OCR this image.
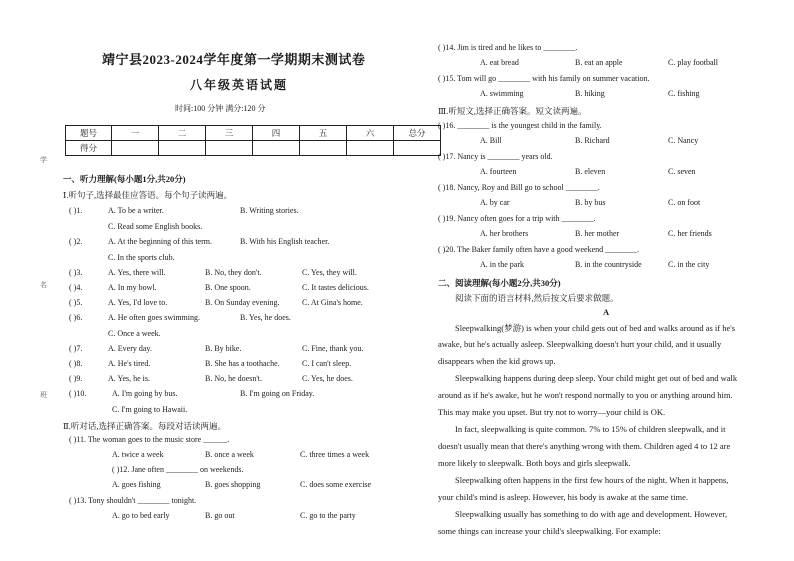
学
名
班
靖宁县2023-2024学年度第一学期期末测试卷
八年级英语试题
时间:100 分钟 满分:120 分
题号	一	二	三	四	五	六	总分
得分							
一、听力理解(每小题1分,共20分)
Ⅰ.听句子,选择最佳应答语。每个句子读两遍。
( )1.	A. To be a writer.	B. Writing stories.
C. Read some English books.
( )2.	A. At the beginning of this term.	B. With his English teacher.
C. In the sports club.
( )3.	A. Yes, there will.	B. No, they don't.	C. Yes, they will.
( )4.	A. In my bowl.	B. One spoon.	C. It tastes delicious.
( )5.	A. Yes, I'd love to.	B. On Sunday evening.	C. At Gina's home.
( )6.	A. He often goes swimming.	B. Yes, he does.
C. Once a week.
( )7.	A. Every day.	B. By bike.	C. Fine, thank you.
( )8.	A. He's tired.	B. She has a toothache.	C. I can't sleep.
( )9.	A. Yes, he is.	B. No, he doesn't.	C. Yes, he does.
( )10.	A. I'm going by bus.	B. I'm going on Friday.
C. I'm going to Hawaii.
Ⅱ.听对话,选择正确答案。每段对话读两遍。
( )11. The woman goes to the music store ______.
A. twice a week	B. once a week	C. three times a week
( )12. Jane often ________ on weekends.
A. goes fishing	B. goes shopping	C. does some exercise
( )13. Tony shouldn't ________ tonight.
A. go to bed early	B. go out	C. go to the party
( )14. Jim is tired and he likes to ________.
A. eat bread	B. eat an apple	C. play football
( )15. Tom will go ________ with his family on summer vacation.
A. swimming	B. hiking	C. fishing
Ⅲ.听短文,选择正确答案。短文读两遍。
( )16. ________ is the youngest child in the family.
A. Bill	B. Richard	C. Nancy
( )17. Nancy is ________ years old.
A. fourteen	B. eleven	C. seven
( )18. Nancy, Roy and Bill go to school ________.
A. by car	B. by bus	C. on foot
( )19. Nancy often goes for a trip with ________.
A. her brothers	B. her mother	C. her friends
( )20. The Baker family often have a good weekend ________.
A. in the park	B. in the countryside	C. in the city
二、阅读理解(每小题2分,共30分)
阅读下面的语言材料,然后按文后要求做题。
A
Sleepwalking(梦游) is when your child gets out of bed and walks around as if he's
awake, but he's actually asleep. Sleepwalking doesn't hurt your child, and it usually
disappears when the kid grows up.
Sleepwalking happens during deep sleep. Your child might get out of bed and walk
around as if he's awake, but he won't respond normally to you or anything around him.
This may make you upset. But try not to worry—your child is OK.
In fact, sleepwalking is quite common. 7% to 15% of children sleepwalk, and it
doesn't usually mean that there's anything wrong with them. Children aged 4 to 12 are
more likely to sleepwalk. Both boys and girls sleepwalk.
Sleepwalking often happens in the first few hours of the night. When it happens,
your child's mind is asleep. However, his body is awake at the same time.
Sleepwalking usually has something to do with age and development. However,
some things can increase your child's sleepwalking. For example:
